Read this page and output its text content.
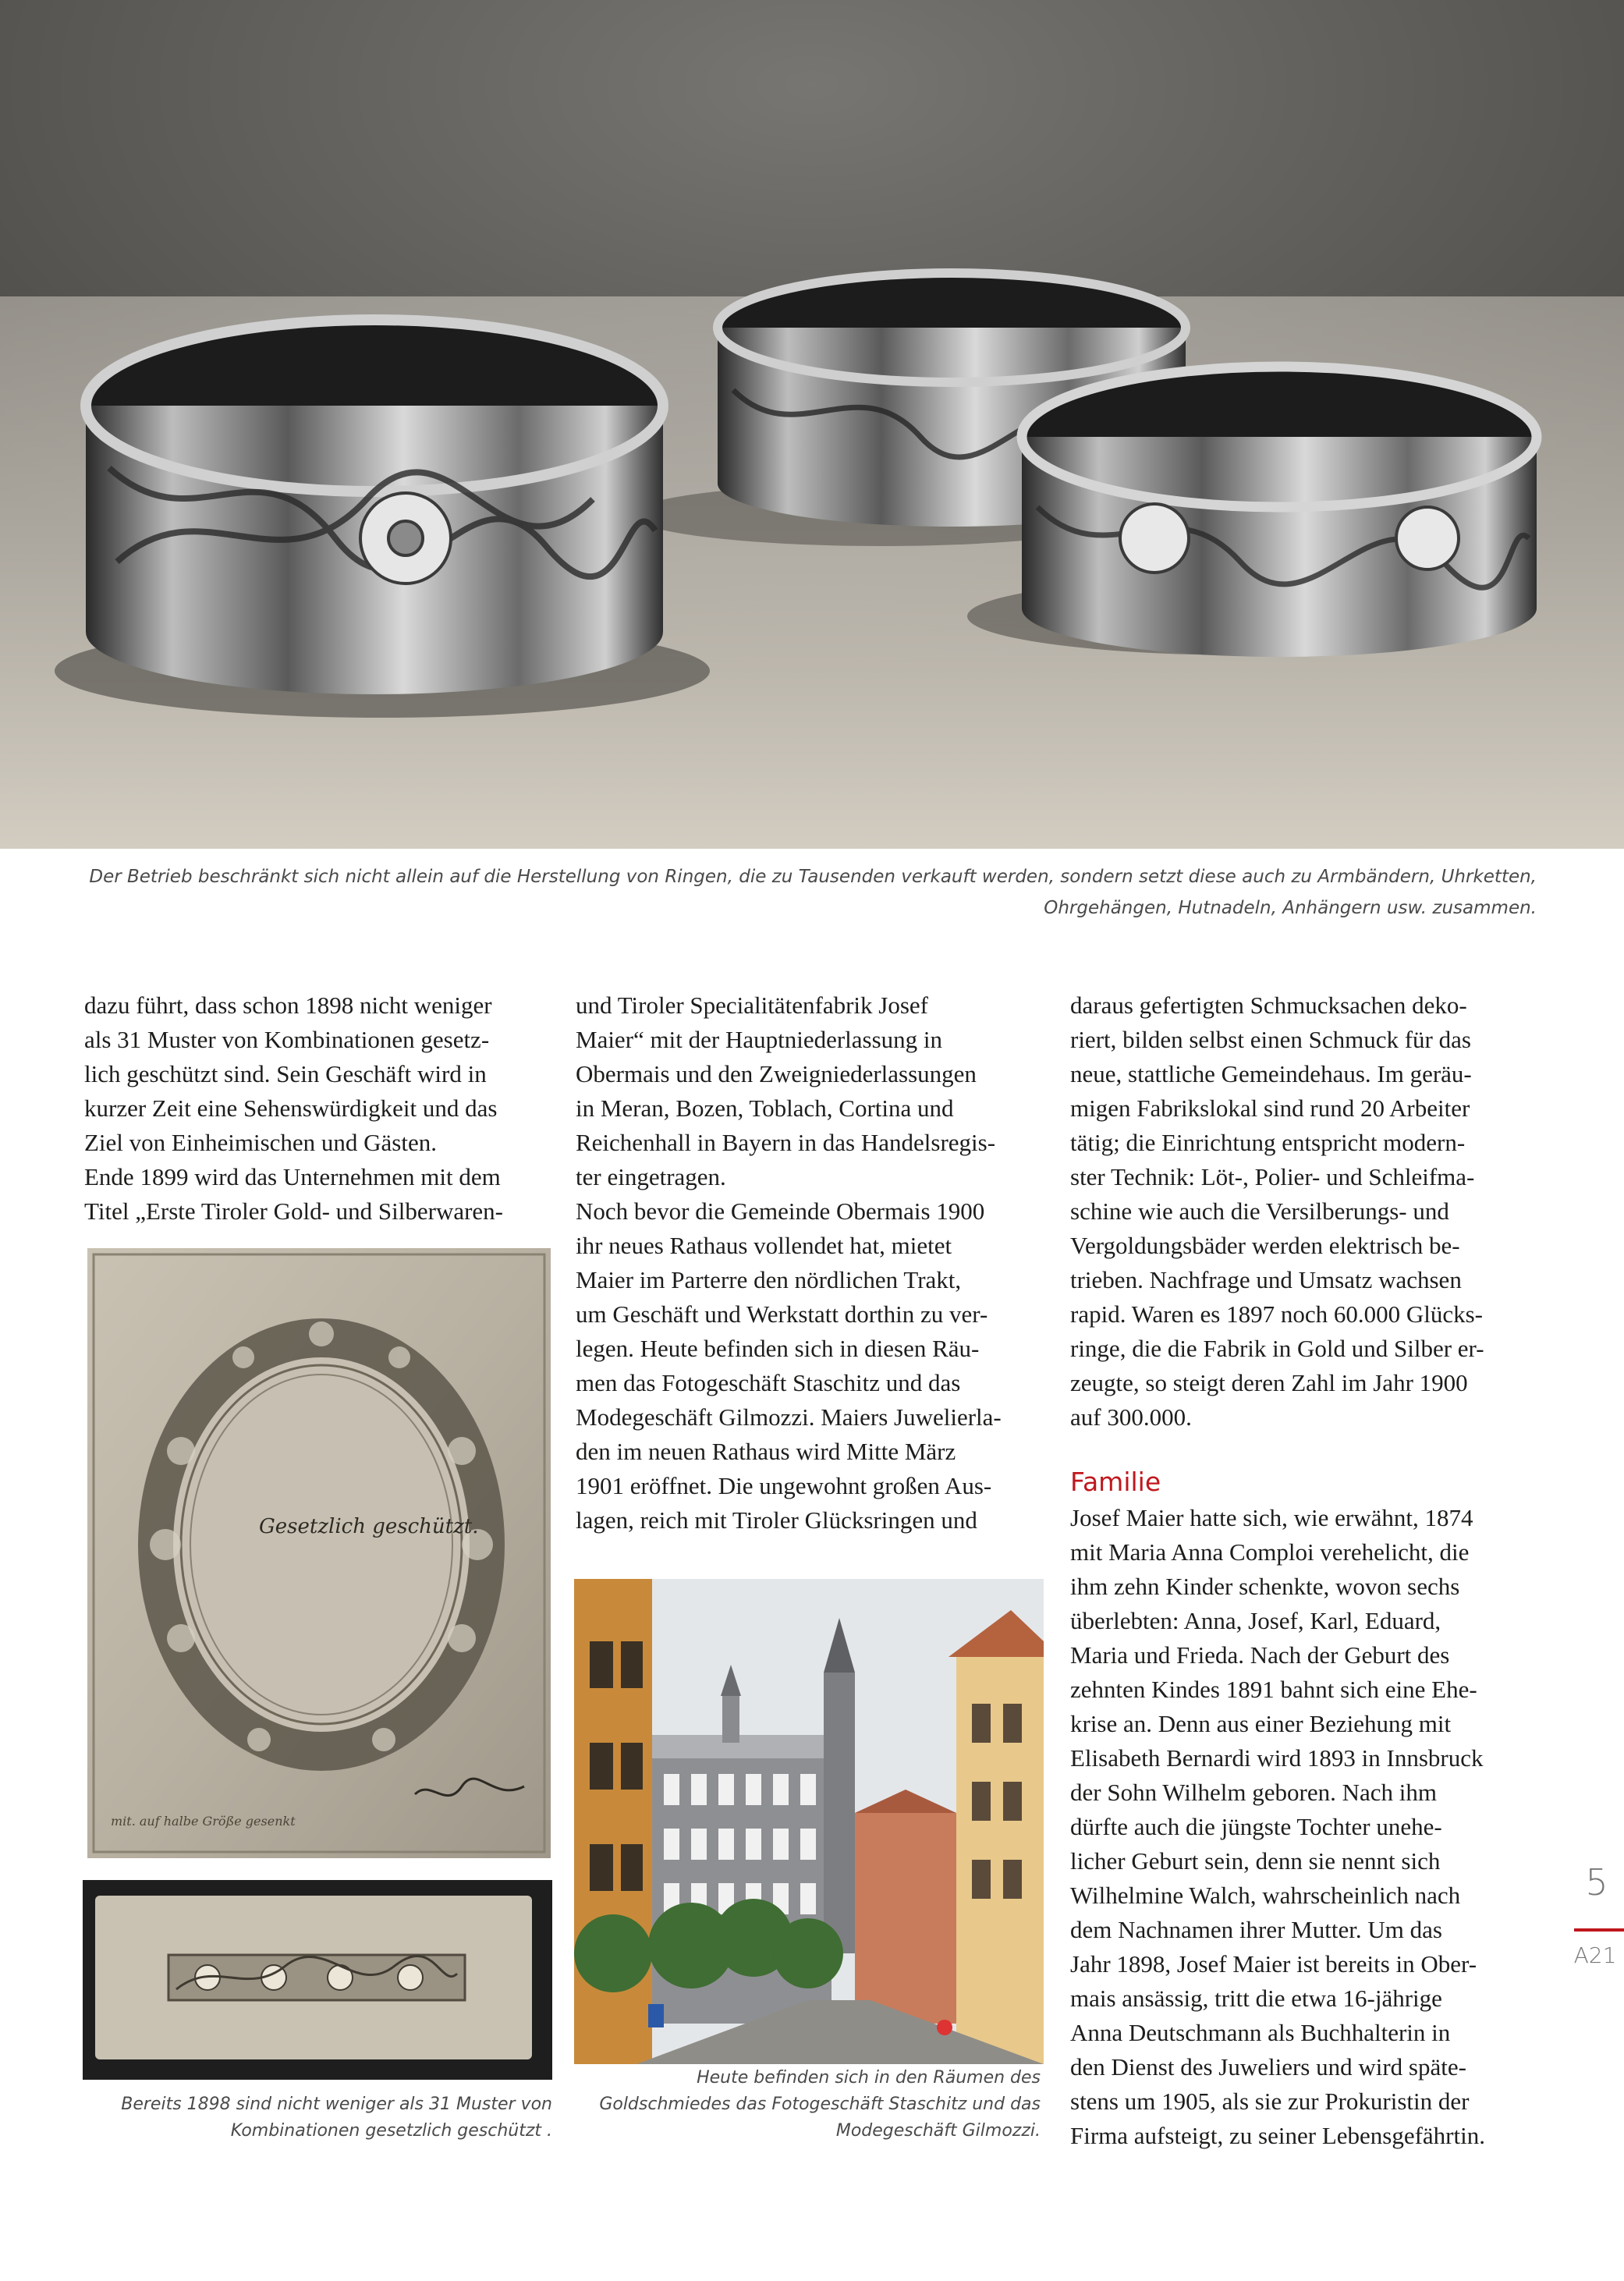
Der Betrieb beschränkt sich nicht allein auf die Herstellung von Ringen, die zu Tausenden verkauft werden, sondern setzt diese auch zu Armbändern, Uhrketten,
Ohrgehängen, Hutnadeln, Anhängern usw. zusammen.

dazu führt, dass schon 1898 nicht weniger

als 31 Muster von Kombinationen gesetz-

lich geschützt sind. Sein Geschäft wird in

kurzer Zeit eine Sehenswürdigkeit und das

Ziel von Einheimischen und Gästen.

Ende 1899 wird das Unternehmen mit dem

Titel „Erste Tiroler Gold- und Silberwaren-

Gesetzlich geschützt.
mit. auf halbe Größe gesenkt
Bereits 1898 sind nicht weniger als 31 Muster von
Kombinationen gesetzlich geschützt .

und Tiroler Specialitätenfabrik Josef

Maier“ mit der Hauptniederlassung in

Obermais und den Zweigniederlassungen

in Meran, Bozen, Toblach, Cortina und

Reichenhall in Bayern in das Handelsregis-

ter eingetragen.

Noch bevor die Gemeinde Obermais 1900

ihr neues Rathaus vollendet hat, mietet

Maier im Parterre den nördlichen Trakt,

um Geschäft und Werkstatt dorthin zu ver-

legen. Heute befinden sich in diesen Räu-

men das Fotogeschäft Staschitz und das

Modegeschäft Gilmozzi. Maiers Juwelierla-

den im neuen Rathaus wird Mitte März

1901 eröffnet. Die ungewohnt großen Aus-

lagen, reich mit Tiroler Glücksringen und

Heute befinden sich in den Räumen des
Goldschmiedes das Fotogeschäft Staschitz und das
Modegeschäft Gilmozzi.

daraus gefertigten Schmucksachen deko-

riert, bilden selbst einen Schmuck für das

neue, stattliche Gemeindehaus. Im geräu-

migen Fabrikslokal sind rund 20 Arbeiter

tätig; die Einrichtung entspricht modern-

ster Technik: Löt-, Polier- und Schleifma-

schine wie auch die Versilberungs- und

Vergoldungsbäder werden elektrisch be-

trieben. Nachfrage und Umsatz wachsen

rapid. Waren es 1897 noch 60.000 Glücks-

ringe, die die Fabrik in Gold und Silber er-

zeugte, so steigt deren Zahl im Jahr 1900

auf 300.000.

Familie

Josef Maier hatte sich, wie erwähnt, 1874

mit Maria Anna Comploi verehelicht, die

ihm zehn Kinder schenkte, wovon sechs

überlebten: Anna, Josef, Karl, Eduard,

Maria und Frieda. Nach der Geburt des

zehnten Kindes 1891 bahnt sich eine Ehe-

krise an. Denn aus einer Beziehung mit

Elisabeth Bernardi wird 1893 in Innsbruck

der Sohn Wilhelm geboren. Nach ihm

dürfte auch die jüngste Tochter unehe-

licher Geburt sein, denn sie nennt sich

Wilhelmine Walch, wahrscheinlich nach

dem Nachnamen ihrer Mutter. Um das

Jahr 1898, Josef Maier ist bereits in Ober-

mais ansässig, tritt die etwa 16-jährige

Anna Deutschmann als Buchhalterin in

den Dienst des Juweliers und wird späte-

stens um 1905, als sie zur Prokuristin der

Firma aufsteigt, zu seiner Lebensgefährtin.

5
A21
